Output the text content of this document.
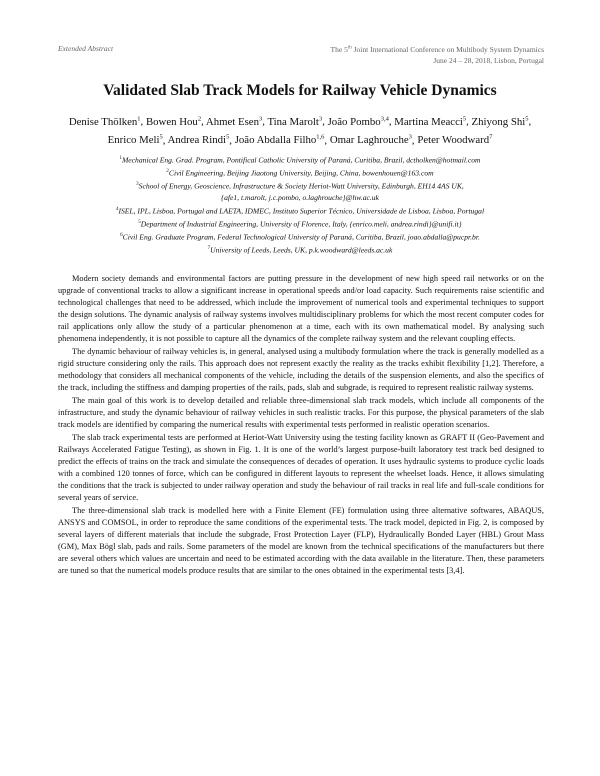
Extended Abstract	The 5th Joint International Conference on Multibody System Dynamics
June 24 – 28, 2018, Lisbon, Portugal
Validated Slab Track Models for Railway Vehicle Dynamics
Denise Thölken$^1$, Bowen Hou$^2$, Ahmet Esen$^3$, Tina Marolt$^3$, João Pombo$^{3,4}$, Martina Meacci$^5$, Zhiyong Shi$^5$, Enrico Meli$^5$, Andrea Rindi$^5$, João Abdalla Filho$^{1,6}$, Omar Laghrouche$^3$, Peter Woodward$^7$
$^1$Mechanical Eng. Grad. Program, Pontifical Catholic University of Paraná, Curitiba, Brazil, dctholken@hotmail.com
$^2$Civil Engineering, Beijing Jiaotong University, Beijing, China, bowenhouen@163.com
$^3$School of Energy, Geoscience, Infrastructure & Society Heriot-Watt University, Edinburgh, EH14 4AS UK,
{afe1, t.marolt, j.c.pombo, o.laghrouche}@hw.ac.uk
$^4$ISEL, IPL, Lisboa, Portugal and LAETA, IDMEC, Instituto Superior Técnico, Universidade de Lisboa, Lisboa, Portugal
$^5$Department of Industrial Engineering, University of Florence, Italy, {enrico.meli, andrea.rindi}@unifi.it}
$^6$Civil Eng. Graduate Program, Federal Technological University of Paraná, Curitiba, Brazil, joao.abdalla@pucpr.br.
$^7$University of Leeds, Leeds, UK, p.k.woodward@leeds.ac.uk

Modern society demands and environmental factors are putting pressure in the development of new high speed rail networks or on the upgrade of conventional tracks to allow a significant increase in operational speeds and/or load capacity. Such requirements raise scientific and technological challenges that need to be addressed, which include the improvement of numerical tools and experimental techniques to support the design solutions. The dynamic analysis of railway systems involves multidisciplinary problems for which the most recent computer codes for rail applications only allow the study of a particular phenomenon at a time, each with its own mathematical model. By analysing such phenomena independently, it is not possible to capture all the dynamics of the complete railway system and the relevant coupling effects.

The dynamic behaviour of railway vehicles is, in general, analysed using a multibody formulation where the track is generally modelled as a rigid structure considering only the rails. This approach does not represent exactly the reality as the tracks exhibit flexibility [1,2]. Therefore, a methodology that considers all mechanical components of the vehicle, including the details of the suspension elements, and also the specifics of the track, including the stiffness and damping properties of the rails, pads, slab and subgrade, is required to represent realistic railway systems.

The main goal of this work is to develop detailed and reliable three-dimensional slab track models, which include all components of the infrastructure, and study the dynamic behaviour of railway vehicles in such realistic tracks. For this purpose, the physical parameters of the slab track models are identified by comparing the numerical results with experimental tests performed in realistic operation scenarios.

The slab track experimental tests are performed at Heriot-Watt University using the testing facility known as GRAFT II (Geo-Pavement and Railways Accelerated Fatigue Testing), as shown in Fig. 1. It is one of the world’s largest purpose-built laboratory test track bed designed to predict the effects of trains on the track and simulate the consequences of decades of operation. It uses hydraulic systems to produce cyclic loads with a combined 120 tonnes of force, which can be configured in different layouts to represent the wheelset loads. Hence, it allows simulating the conditions that the track is subjected to under railway operation and study the behaviour of rail tracks in real life and full-scale conditions for several years of service.

The three-dimensional slab track is modelled here with a Finite Element (FE) formulation using three alternative softwares, ABAQUS, ANSYS and COMSOL, in order to reproduce the same conditions of the experimental tests. The track model, depicted in Fig. 2, is composed by several layers of different materials that include the subgrade, Frost Protection Layer (FLP), Hydraulically Bonded Layer (HBL) Grout Mass (GM), Max Bögl slab, pads and rails. Some parameters of the model are known from the technical specifications of the manufacturers but there are several others which values are uncertain and need to be estimated according with the data available in the literature. Then, these parameters are tuned so that the numerical models produce results that are similar to the ones obtained in the experimental tests [3,4].
